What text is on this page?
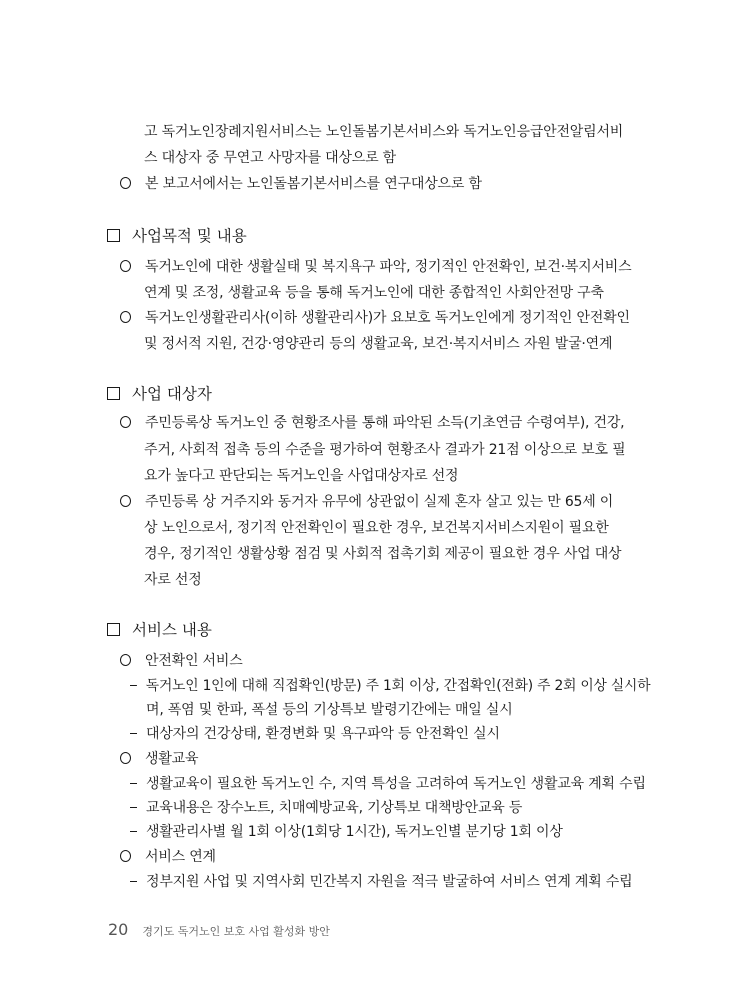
고 독거노인장례지원서비스는 노인돌봄기본서비스와 독거노인응급안전알림서비
스 대상자 중 무연고 사망자를 대상으로 함
본 보고서에서는 노인돌봄기본서비스를 연구대상으로 함
사업목적 및 내용
독거노인에 대한 생활실태 및 복지욕구 파악, 정기적인 안전확인, 보건·복지서비스
연계 및 조정, 생활교육 등을 통해 독거노인에 대한 종합적인 사회안전망 구축
독거노인생활관리사(이하 생활관리사)가 요보호 독거노인에게 정기적인 안전확인
및 정서적 지원, 건강·영양관리 등의 생활교육, 보건·복지서비스 자원 발굴·연계
사업 대상자
주민등록상 독거노인 중 현황조사를 통해 파악된 소득(기초연금 수령여부), 건강,
주거, 사회적 접촉 등의 수준을 평가하여 현황조사 결과가 21점 이상으로 보호 필
요가 높다고 판단되는 독거노인을 사업대상자로 선정
주민등록 상 거주지와 동거자 유무에 상관없이 실제 혼자 살고 있는 만 65세 이
상 노인으로서, 정기적 안전확인이 필요한 경우, 보건복지서비스지원이 필요한
경우, 정기적인 생활상황 점검 및 사회적 접촉기회 제공이 필요한 경우 사업 대상
자로 선정
서비스 내용
안전확인 서비스
독거노인 1인에 대해 직접확인(방문) 주 1회 이상, 간접확인(전화) 주 2회 이상 실시하
며, 폭염 및 한파, 폭설 등의 기상특보 발령기간에는 매일 실시
대상자의 건강상태, 환경변화 및 욕구파악 등 안전확인 실시
생활교육
생활교육이 필요한 독거노인 수, 지역 특성을 고려하여 독거노인 생활교육 계획 수립
교육내용은 장수노트, 치매예방교육, 기상특보 대책방안교육 등
생활관리사별 월 1회 이상(1회당 1시간), 독거노인별 분기당 1회 이상
서비스 연계
정부지원 사업 및 지역사회 민간복지 자원을 적극 발굴하여 서비스 연계 계획 수립
20 경기도 독거노인 보호 사업 활성화 방안
